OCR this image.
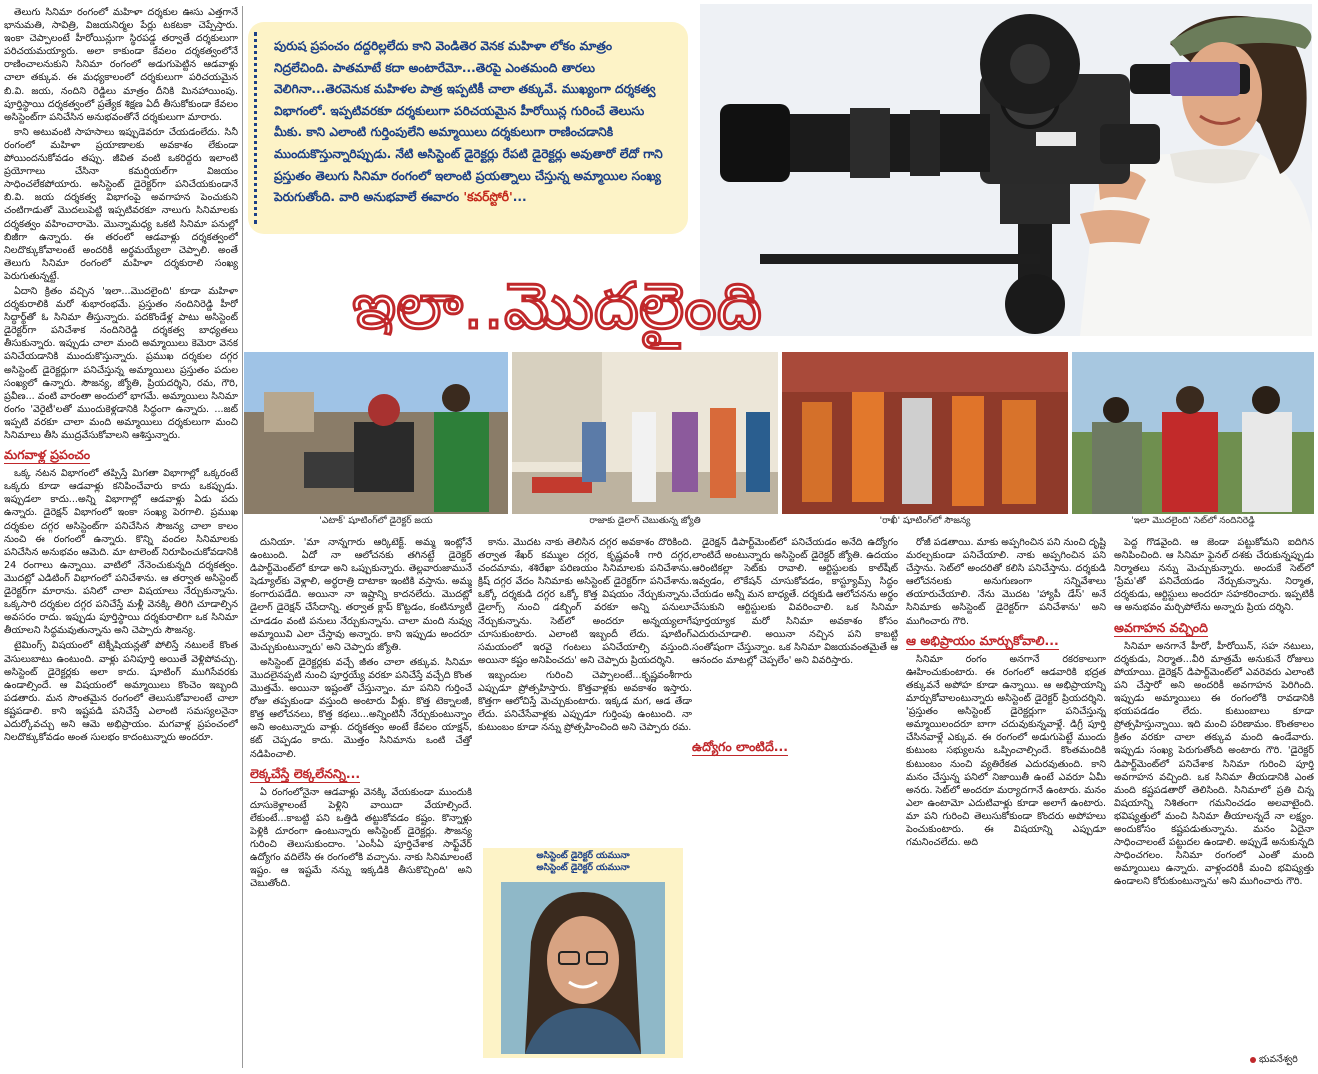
తెలుగు సినిమా రంగంలో మహిళా దర్శకుల ఊసు ఎత్తగానే భానుమతి, సావిత్రి, విజయనిర్మల పేర్లు టకటకా చెప్పేస్తారు. ఇంకా చెప్పాలంటే హీరోయిన్లుగా స్థిరపడ్డ తర్వాతే దర్శకులుగా పరిచయమయ్యారు. అలా కాకుండా కేవలం దర్శకత్వంలోనే రాణించాలనుకుని సినిమా రంగంలో అడుగుపెట్టిన ఆడవాళ్లు చాలా తక్కువ. ఈ మధ్యకాలంలో దర్శకులుగా పరిచయమైన బి.వి. జయ, నందిని రెడ్డిలు మాత్రం దీనికి మినహాయింపు. పూర్తిస్థాయి దర్శకత్వంలో ప్రత్యేక శిక్షణ ఏదీ తీసుకోకుండా కేవలం అసిస్టెంట్‌గా పనిచేసిన అనుభవంతోనే దర్శకులుగా మారారు.

కాని అటువంటి సాహసాలు ఇప్పుడెవరూ చేయడంలేదు. సినీ రంగంలో మహిళా ప్రయాణాలకు అవకాశం లేకుండా పోయిందనుకోవడం తప్పు. జీవిత వంటి ఒకరిద్దరు ఇలాంటి ప్రయోగాలు చేసినా కమర్షియల్‌గా విజయం సాధించలేకపోయారు. అసిస్టెంట్ డైరెక్టర్‌గా పనిచేయకుండానే బి.వి. జయ దర్శకత్వ విభాగంపై అవగాహన పెంచుకుని చంటిగాడుతో మొదలుపెట్టి ఇప్పటివరకూ నాలుగు సినిమాలకు దర్శకత్వం వహించారామె. మొన్నామధ్య ఒకటి సినిమా పనుల్లో బిజీగా ఉన్నారు. ఈ తరంలో ఆడవాళ్లు దర్శకత్వంలో నిలదొక్కుకోవాలంటే అందరికీ అర్థమయ్యేలా చెప్పాలి. అంతే తెలుగు సినిమా రంగంలో మహిళా దర్శకురాలి సంఖ్య పెరుగుతున్నట్టే.

ఏదాని క్రితం వచ్చిన 'ఇలా...మొదలైంది' కూడా మహిళా దర్శకురాలికి మరో శుభారంభమే. ప్రస్తుతం నందినిరెడ్డి హీరో సిద్ధార్థ్‌తో ఓ సినిమా తీస్తున్నారు. పదకొండేళ్ల పాటు అసిస్టెంట్ డైరెక్టర్‌గా పనిచేశాక నందినిరెడ్డి దర్శకత్వ బాధ్యతలు తీసుకున్నారు. ఇప్పుడు చాలా మంది అమ్మాయిలు కెమెరా వెనక పనిచేయడానికి ముందుకొస్తున్నారు. ప్రముఖ దర్శకుల దగ్గర అసిస్టెంట్ డైరెక్టర్లుగా పనిచేస్తున్న అమ్మాయిలు ప్రస్తుతం పదుల సంఖ్యలో ఉన్నారు. సౌజన్య, జ్యోతి, ప్రియదర్శిని, రమ, గౌరి, ప్రవీణ... వంటి వారంతా అందులో భాగమే. అమ్మాయిలు సినిమా రంగం 'వెరైటీ'లతో ముందుకెళ్లడానికి సిద్ధంగా ఉన్నారు. ...జట్ ఇప్పటి వరకూ చాలా మంది అమ్మాయిలు దర్శకులుగా మంచి సినిమాలు తీసి ముద్రవేసుకోవాలని ఆశిస్తున్నారు.

మగవాళ్ల ప్రపంచం

ఒక్క నటన విభాగంలో తప్పిస్తే మిగతా విభాగాల్లో ఒక్కరంటే ఒక్కరు కూడా ఆడవాళ్లు కనిపించేవారు కాదు ఒకప్పుడు. ఇప్పుడలా కాదు...అన్ని విభాగాల్లో ఆడవాళ్లు ఏడు పదు ఉన్నారు. డైరెక్షన్ విభాగంలో ఇంకా సంఖ్య పెరగాలి. ప్రముఖ దర్శకుల దగ్గర అసిస్టెంట్‌గా పనిచేసిన సౌజన్య చాలా కాలం నుంచి ఈ రంగంలో ఉన్నారు. కొన్ని వందల సినిమాలకు పనిచేసిన అనుభవం ఆమెది. మా టాలెంట్ నిరూపించుకోవడానికి 24 రంగాలు ఉన్నాయి. వాటిలో నేనెంచుకున్నది దర్శకత్వం. మొదట్లో ఎడిటింగ్ విభాగంలో పనిచేశాను. ఆ తర్వాత అసిస్టెంట్ డైరెక్టర్‌గా మారాను. పనిలో చాలా విషయాలు నేర్చుకున్నాను. ఒక్కసారి దర్శకుల దగ్గర పనిచేస్తే మళ్లీ వెనక్కి తిరిగి చూడాల్సిన అవసరం రాదు. ఇప్పుడు పూర్తిస్థాయి దర్శకురాలిగా ఒక సినిమా తీయాలని సిద్ధమవుతున్నాను అని చెప్పారు సౌజన్య.

టైమింగ్స్ విషయంలో టెక్నీషియన్లతో పోలిస్తే నటులకే కొంత వెసులుబాటు ఉంటుంది. వాళ్లు పనిపూర్తి అయితే వెళ్లిపోవచ్చు. అసిస్టెంట్ డైరెక్టర్లకు అలా కాదు. షూటింగ్ ముగిసేవరకు ఉండాల్సిందే. ఆ విషయంలో అమ్మాయిలు కొంచెం ఇబ్బంది పడతారు. మన సొంతమైన రంగంలో తెలుసుకోవాలంటే చాలా కష్టపడాలి. కాని ఇష్టపడి పనిచేస్తే ఎలాంటి సమస్యలనైనా ఎదుర్కోవచ్చు అని ఆమె అభిప్రాయం. మగవాళ్ల ప్రపంచంలో నిలదొక్కుకోవడం అంత సులభం కాదంటున్నారు అందరూ.

పురుష ప్రపంచం దద్దరిల్లలేదు కాని వెండితెర వెనక మహిళా లోకం మాత్రం నిద్రలేచింది. పాతమాటే కదా అంటారేమో...తెరపై ఎంతమంది తారలు వెలిగినా...తెరవెనుక మహిళల పాత్ర ఇప్పటికీ చాలా తక్కువే. ముఖ్యంగా దర్శకత్వ విభాగంలో. ఇప్పటివరకూ దర్శకులుగా పరిచయమైన హీరోయిన్ల గురించే తెలుసు మీకు. కాని ఎలాంటి గుర్తింపులేని అమ్మాయిలు దర్శకులుగా రాణించడానికి ముందుకొస్తున్నారిప్పుడు. నేటి అసిస్టెంట్ డైరెక్టర్లు రేపటి డైరెక్టర్లు అవుతారో లేదో గాని ప్రస్తుతం తెలుగు సినిమా రంగంలో ఇలాంటి ప్రయత్నాలు చేస్తున్న అమ్మాయిల సంఖ్య పెరుగుతోంది. వారి అనుభవాలే ఈవారం 'కవర్‌స్టోరీ'...
ఇలా..మొదలైంది
'ఎటాక్' షూటింగ్‌లో డైరెక్టర్ జయ	రాజాకు డైలాగ్ చెబుతున్న జ్యోతి	'రాఖీ' షూటింగ్‌లో సౌజన్య	'ఇలా మొదలైంది' సెట్‌లో నందినిరెడ్డి

దునియా. 'మా నాన్నగారు ఆర్కిటెక్ట్. అమ్మ ఇంట్లోనే ఉంటుంది. ఏదో నా ఆలోచనకు తగినట్టే డైరెక్టర్ డిపార్ట్‌మెంట్‌లో కూడా అని ఒప్పుకున్నారు. తెల్లవారుజామునే షెడ్యూల్‌కు వెళ్లాలి, అర్ధరాత్రి దాటాకా ఇంటికి వస్తాను. అమ్మ కంగారుపడేది. అయినా నా ఇష్టాన్ని కాదనలేదు. మొదట్లో డైలాగ్ డైరెక్షన్ చేసేదాన్ని. తర్వాత క్లాప్ కొట్టడం, కంటిన్యూటీ చూడడం వంటి పనులు నేర్చుకున్నాను. చాలా మంది నువ్వు అమ్మాయివి ఎలా చేస్తావు అన్నారు. కాని ఇప్పుడు అందరూ మెచ్చుకుంటున్నారు' అని చెప్పారు జ్యోతి.

అసిస్టెంట్ డైరెక్టర్లకు వచ్చే జీతం చాలా తక్కువ. సినిమా మొదలైనప్పటి నుంచి పూర్తయ్యే వరకూ పనిచేస్తే వచ్చేది కొంత మొత్తమే. అయినా ఇష్టంతో చేస్తున్నాం. మా పనిని గుర్తించే రోజు తప్పకుండా వస్తుంది అంటారు వీళ్లు. కొత్త టెక్నాలజీ, కొత్త ఆలోచనలు, కొత్త కథలు...అన్నింటినీ నేర్చుకుంటున్నాం అని అంటున్నారు వాళ్లు. దర్శకత్వం అంటే కేవలం యాక్షన్, కట్ చెప్పడం కాదు. మొత్తం సినిమాను ఒంటి చేత్తో నడిపించాలి.

లెక్కచేస్తే లెక్కలేనన్ని...

ఏ రంగంలోనైనా ఆడవాళ్లు వెనక్కి వేయకుండా ముందుకి దూసుకెళ్లాలంటే పెళ్లిని వాయిదా వేయాల్సిందే. లేకుంటే...కాబట్టి పని ఒత్తిడి తట్టుకోవడం కష్టం. కొన్నాళ్లు పెళ్లికి దూరంగా ఉంటున్నారు అసిస్టెంట్ డైరెక్టర్లు. సౌజన్య గురించి తెలుసుకుందాం. 'ఎంసీఏ పూర్తిచేశాక సాఫ్ట్‌వేర్ ఉద్యోగం వదిలేసి ఈ రంగంలోకి వచ్చాను. నాకు సినిమాలంటే ఇష్టం. ఆ ఇష్టమే నన్ను ఇక్కడికి తీసుకొచ్చింది' అని చెబుతోంది.

కాను. మొదట నాకు తెలిసిన దగ్గర అవకాశం దొరికింది. తర్వాత శేఖర్ కమ్ముల దగ్గర, కృష్ణవంశీ గారి దగ్గర, చందమామ, శశిరేఖా పరిణయం సినిమాలకు పనిచేశాను. క్రిష్ దగ్గర వేదం సినిమాకు అసిస్టెంట్ డైరెక్టర్‌గా పనిచేశాను. ఒక్కో దర్శకుడి దగ్గర ఒక్కో కొత్త విషయం నేర్చుకున్నాను. డైలాగ్స్ నుంచి డబ్బింగ్ వరకూ అన్ని పనులూ నేర్చుకున్నాను. సెట్‌లో అందరూ అన్నయ్యలాగే చూసుకుంటారు. ఎలాంటి ఇబ్బందీ లేదు. షూటింగ్ సమయంలో ఇరవై గంటలు పనిచేయాల్సి వస్తుంది. అయినా కష్టం అనిపించదు' అని చెప్పారు ప్రియదర్శిని.

ఇబ్బందుల గురించి చెప్పాలంటే...కృష్ణవంశీగారు ఎప్పుడూ ప్రోత్సహిస్తారు. కొత్తవాళ్లకు అవకాశం ఇస్తారు. కొత్తగా ఆలోచిస్తే మెచ్చుకుంటారు. ఇక్కడ మగ, ఆడ తేడా లేదు. పనిచేసేవాళ్లకు ఎప్పుడూ గుర్తింపు ఉంటుంది. నా కుటుంబం కూడా నన్ను ప్రోత్సహించింది అని చెప్పారు రమ.

డైరెక్షన్ డిపార్ట్‌మెంట్‌లో పనిచేయడం అనేది ఉద్యోగం లాంటిదే అంటున్నారు అసిస్టెంట్ డైరెక్టర్ జ్యోతి. ఉదయం ఆరింటికల్లా సెట్‌కు రావాలి. ఆర్టిస్టులకు కాల్‌షీట్ ఇవ్వడం, లొకేషన్ చూసుకోవడం, కాస్ట్యూమ్స్ సిద్ధం చేయడం అన్నీ మన బాధ్యతే. దర్శకుడి ఆలోచనను అర్థం చేసుకుని ఆర్టిస్టులకు వివరించాలి. ఒక సినిమా పూర్తయ్యాక మరో సినిమా అవకాశం కోసం ఎదురుచూడాలి. అయినా నచ్చిన పని కాబట్టి సంతోషంగా చేస్తున్నాం. ఒక సినిమా విజయవంతమైతే ఆ ఆనందం మాటల్లో చెప్పలేం' అని వివరిస్తారు.

ఉద్యోగం లాంటిదే...
అసిస్టెంట్ డైరెక్టర్ యమునా
అసిస్టెంట్ డైరెక్టర్ యమునా

రోజీ పడతాయి. మాకు అప్పగించిన పని నుంచి దృష్టి మరల్చకుండా పనిచేయాలి. నాకు అప్పగించిన పని చేస్తాను. సెట్‌లో అందరితో కలిసి పనిచేస్తాను. దర్శకుడి ఆలోచనలకు అనుగుణంగా సన్నివేశాలు తయారుచేయాలి. నేను మొదట 'హ్యాపీ డేస్' అనే సినిమాకు అసిస్టెంట్ డైరెక్టర్‌గా పనిచేశాను' అని ముగించారు గౌరి.

ఆ అభిప్రాయం మార్చుకోవాలి...

సినిమా రంగం అనగానే రకరకాలుగా ఊహించుకుంటారు. ఈ రంగంలో ఆడవారికి భద్రత తక్కువనే అపోహ కూడా ఉన్నాయి. ఆ అభిప్రాయాన్ని మార్చుకోవాలంటున్నారు అసిస్టెంట్ డైరెక్టర్ ప్రియదర్శిని. 'ప్రస్తుతం అసిస్టెంట్ డైరెక్టర్లుగా పనిచేస్తున్న అమ్మాయిలందరూ బాగా చదువుకున్నవాళ్లే. డిగ్రీ పూర్తి చేసినవాళ్లే ఎక్కువ. ఈ రంగంలో అడుగుపెట్టే ముందు కుటుంబ సభ్యులను ఒప్పించాల్సిందే. కొంతమందికి కుటుంబం నుంచి వ్యతిరేకత ఎదురవుతుంది. కాని మనం చేస్తున్న పనిలో నిజాయితీ ఉంటే ఎవరూ ఏమీ అనరు. సెట్‌లో అందరూ మర్యాదగానే ఉంటారు. మనం ఎలా ఉంటామో ఎదుటివాళ్లు కూడా అలాగే ఉంటారు. మా పని గురించి తెలుసుకోకుండా కొందరు అపోహలు పెంచుకుంటారు. ఈ విషయాన్ని ఎప్పుడూ గమనించలేదు. అది

పెద్ద గొడవైంది. ఆ జెండా పట్టుకోమని ఐదిగిన అనిపించింది. ఆ సినిమా ఫైనల్ దశకు చేరుకున్నప్పుడు నిర్మాతలు నన్ను మెచ్చుకున్నారు. అందుకే సెట్‌లో 'ప్రేమ'తో పనిచేయడం నేర్చుకున్నాను. నిర్మాత, దర్శకుడు, ఆర్టిస్టులు అందరూ సహకరించారు. ఇప్పటికీ ఆ అనుభవం మర్చిపోలేను అన్నారు ప్రియ దర్శిని.

అవగాహన వచ్చింది

సినిమా అనగానే హీరో, హీరోయిన్, సహ నటులు, దర్శకుడు, నిర్మాత...వీరి మాత్రమే అనుకునే రోజులు పోయాయి. డైరెక్షన్ డిపార్ట్‌మెంట్‌లో ఎవరెవరు ఎలాంటి పని చేస్తారో అని అందరికీ అవగాహన పెరిగింది. ఇప్పుడు అమ్మాయిలు ఈ రంగంలోకి రావడానికి భయపడడం లేదు. కుటుంబాలు కూడా ప్రోత్సహిస్తున్నాయి. ఇది మంచి పరిణామం. కొంతకాలం క్రితం వరకూ చాలా తక్కువ మంది ఉండేవారు. ఇప్పుడు సంఖ్య పెరుగుతోంది అంటారు గౌరి. 'డైరెక్టర్ డిపార్ట్‌మెంట్‌లో పనిచేశాక సినిమా గురించి పూర్తి అవగాహన వచ్చింది. ఒక సినిమా తీయడానికి ఎంత మంది కష్టపడతారో తెలిసింది. సినిమాలో ప్రతి చిన్న విషయాన్ని నిశితంగా గమనించడం అలవాటైంది. భవిష్యత్తులో మంచి సినిమా తీయాలన్నదే నా లక్ష్యం. అందుకోసం కష్టపడుతున్నాను. మనం ఏదైనా సాధించాలంటే పట్టుదల ఉండాలి. అప్పుడే అనుకున్నది సాధించగలం. సినిమా రంగంలో ఎంతో మంది అమ్మాయిలు ఉన్నారు. వాళ్లందరికీ మంచి భవిష్యత్తు ఉండాలని కోరుకుంటున్నాను' అని ముగించారు గౌరి.

భువనేశ్వరి
